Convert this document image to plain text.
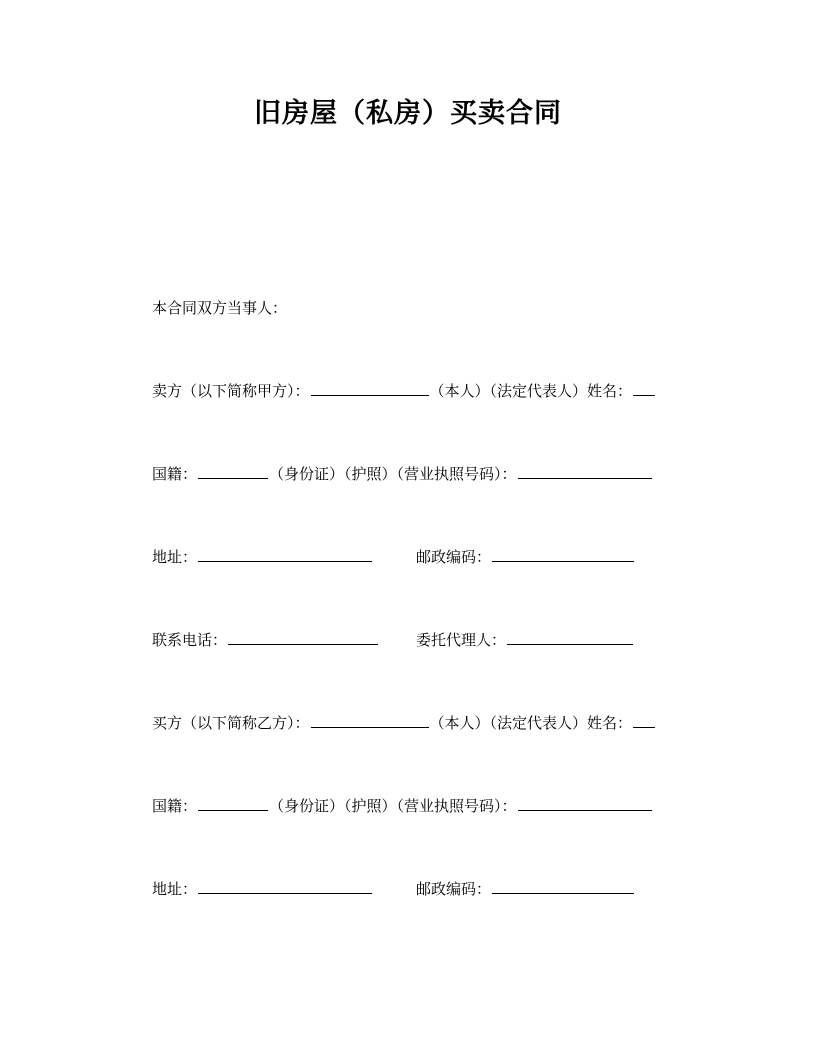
旧房屋（私房）买卖合同
本合同双方当事人：
卖方（以下简称甲方）：	（本人）（法定代表人）姓名：
国籍：	（身份证）（护照）（营业执照号码）：
地址：	邮政编码：
联系电话：	委托代理人：
买方（以下简称乙方）：	（本人）（法定代表人）姓名：
国籍：	（身份证）（护照）（营业执照号码）：
地址：	邮政编码：
